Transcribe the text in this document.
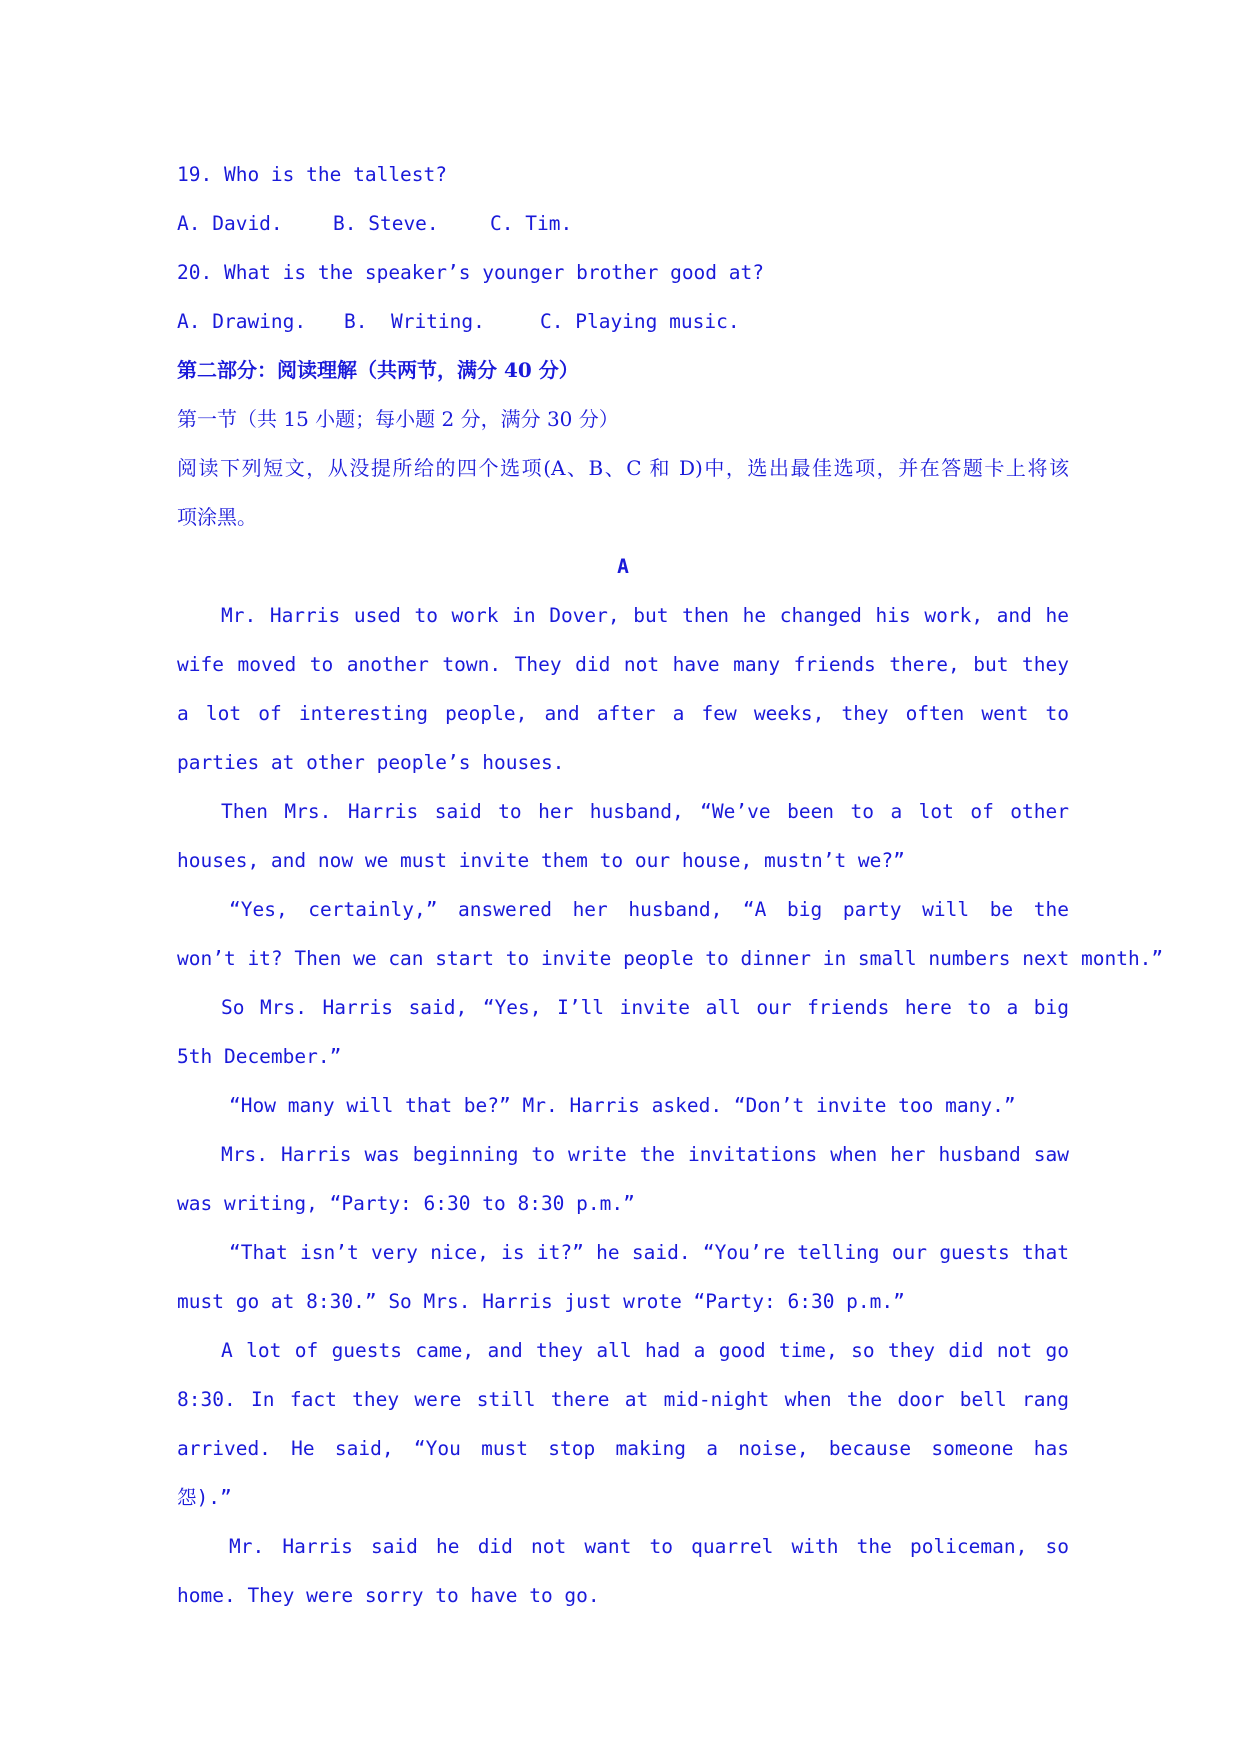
19. Who is the tallest?
A. David.	B. Steve.	C. Tim.
20. What is the speaker’s younger brother good at?
A. Drawing.	B.  Writing.	C. Playing music.
第二部分：阅读理解（共两节，满分 40 分）
第一节（共 15 小题；每小题 2 分，满分 30 分）
阅读下列短文，从没提所给的四个选项(A、B、C 和 D)中，选出最佳选项，并在答题卡上将该
项涂黑。
A
Mr. Harris used to work in Dover, but then he changed his work, and he
wife moved to another town. They did not have many friends there, but they
a lot of interesting people, and after a few weeks, they often went to
parties at other people’s houses.
Then Mrs. Harris said to her husband, “We’ve been to a lot of other
houses, and now we must invite them to our house, mustn’t we?”
“Yes, certainly,” answered her husband, “A big party will be the
won’t it? Then we can start to invite people to dinner in small numbers next month.”
So Mrs. Harris said, “Yes, I’ll invite all our friends here to a big
5th December.”
“How many will that be?” Mr. Harris asked. “Don’t invite too many.”
Mrs. Harris was beginning to write the invitations when her husband saw
was writing, “Party: 6:30 to 8:30 p.m.”
“That isn’t very nice, is it?” he said. “You’re telling our guests that
must go at 8:30.” So Mrs. Harris just wrote “Party: 6:30 p.m.”
A lot of guests came, and they all had a good time, so they did not go
8:30. In fact they were still there at mid-night when the door bell rang
arrived. He said, “You must stop making a noise, because someone has
怨).”
Mr. Harris said he did not want to quarrel with the policeman, so
home. They were sorry to have to go.
